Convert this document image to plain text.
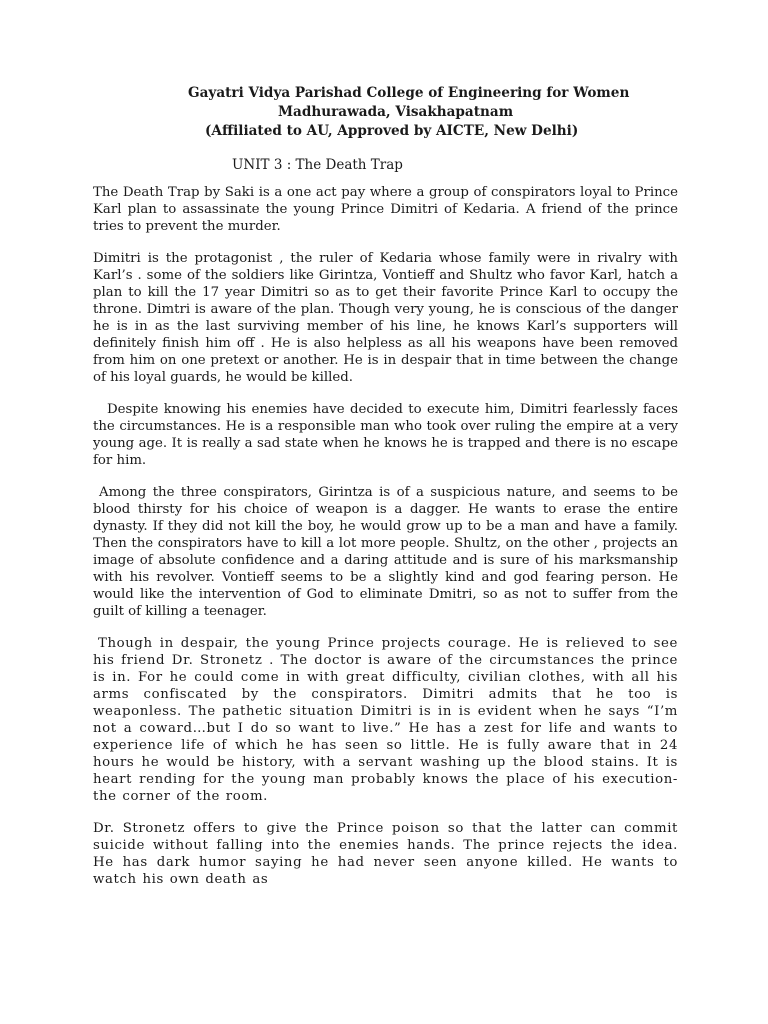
Gayatri Vidya Parishad College of Engineering for Women
Madhurawada, Visakhapatnam
(Affiliated to AU, Approved by AICTE, New Delhi)
UNIT 3 : The Death Trap

The Death Trap by Saki is a one act pay where a group of conspirators loyal to Prince Karl plan to assassinate the young Prince Dimitri of Kedaria. A friend of the prince tries to prevent the murder.

Dimitri is the protagonist , the ruler of Kedaria whose family were in rivalry with Karl’s . some of the soldiers like Girintza, Vontieff and Shultz who favor Karl, hatch a plan to kill the 17 year Dimitri so as to get their favorite Prince Karl to occupy the throne. Dimtri is aware of the plan. Though very young, he is conscious of the danger he is in as the last surviving member of his line, he knows Karl’s supporters will definitely finish him off . He is also helpless as all his weapons have been removed from him on one pretext or another. He is in despair that in time between the change of his loyal guards, he would be killed.

Despite knowing his enemies have decided to execute him, Dimitri fearlessly faces the circumstances. He is a responsible man who took over ruling the empire at a very young age. It is really a sad state when he knows he is trapped and there is no escape for him.

Among the three conspirators, Girintza is of a suspicious nature, and seems to be blood thirsty for his choice of weapon is a dagger. He wants to erase the entire dynasty. If they did not kill the boy, he would grow up to be a man and have a family. Then the conspirators have to kill a lot more people. Shultz, on the other , projects an image of absolute confidence and a daring attitude and is sure of his marksmanship with his revolver. Vontieff seems to be a slightly kind and god fearing person. He would like the intervention of God to eliminate Dmitri, so as not to suffer from the guilt of killing a teenager.

Though in despair, the young Prince projects courage. He is relieved to see his friend Dr. Stronetz . The doctor is aware of the circumstances the prince is in. For he could come in with great difficulty, civilian clothes, with all his arms confiscated by the conspirators. Dimitri admits that he too is weaponless. The pathetic situation Dimitri is in is evident when he says “I’m not a coward…but I do so want to live.” He has a zest for life and wants to experience life of which he has seen so little. He is fully aware that in 24 hours he would be history, with a servant washing up the blood stains. It is heart rending for the young man probably knows the place of his execution- the corner of the room.

Dr. Stronetz offers to give the Prince poison so that the latter can commit suicide without falling into the enemies hands. The prince rejects the idea. He has dark humor saying he had never seen anyone killed. He wants to watch his own death as
